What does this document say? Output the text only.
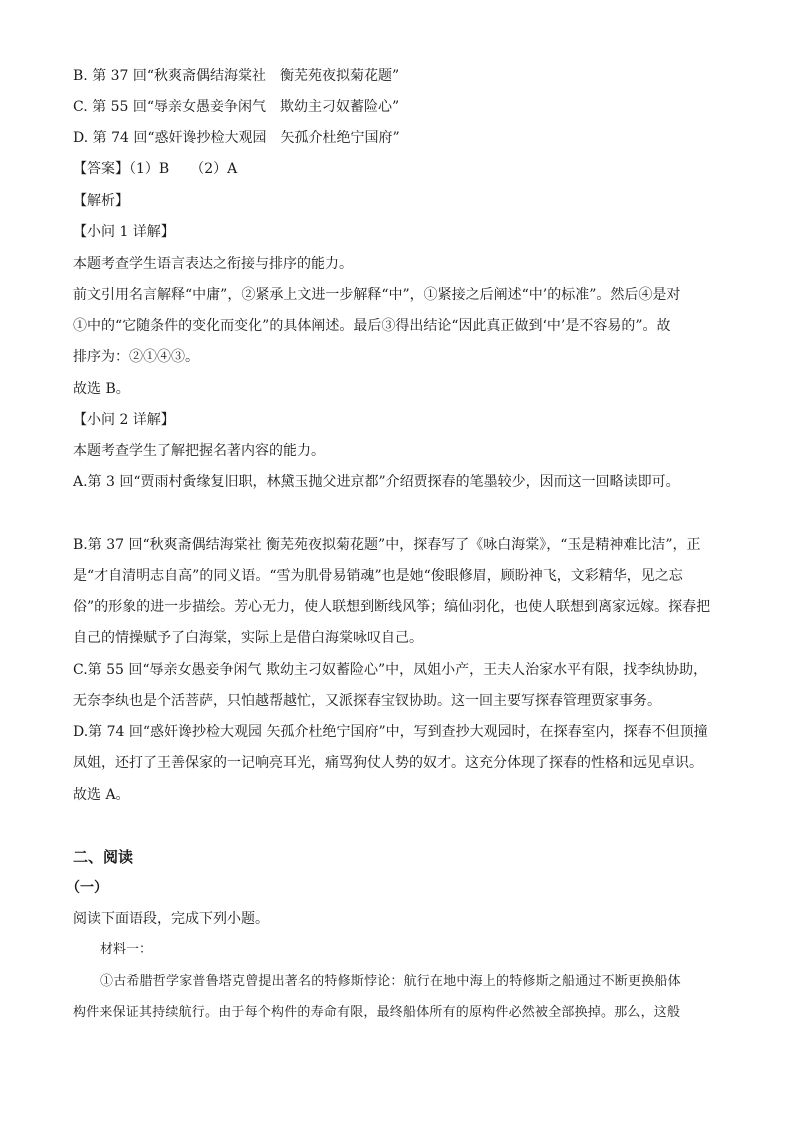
B. 第 37 回“秋爽斋偶结海棠社　衡芜苑夜拟菊花题”
C. 第 55 回“辱亲女愚妾争闲气　欺幼主刁奴蓄险心”
D. 第 74 回“惑奸谗抄检大观园　矢孤介杜绝宁国府”
【答案】（1）B　　（2）A
【解析】
【小问 1 详解】
本题考查学生语言表达之衔接与排序的能力。
前文引用名言解释“中庸”，②紧承上文进一步解释“中”，①紧接之后阐述“中’的标准”。然后④是对
①中的“它随条件的变化而变化”的具体阐述。最后③得出结论“因此真正做到‘中’是不容易的”。故
排序为：②①④③。
故选 B。
【小问 2 详解】
本题考查学生了解把握名著内容的能力。
A.第 3 回“贾雨村夤缘复旧职，林黛玉抛父进京都”介绍贾探春的笔墨较少，因而这一回略读即可。
B.第 37 回“秋爽斋偶结海棠社 衡芜苑夜拟菊花题”中，探春写了《咏白海棠》，“玉是精神难比洁”，正
是“才自清明志自高”的同义语。“雪为肌骨易销魂”也是她“俊眼修眉，顾盼神飞，文彩精华，见之忘
俗”的形象的进一步描绘。芳心无力，使人联想到断线风筝；缟仙羽化，也使人联想到离家远嫁。探春把
自己的情操赋予了白海棠，实际上是借白海棠咏叹自己。
C.第 55 回“辱亲女愚妾争闲气 欺幼主刁奴蓄险心”中，凤姐小产，王夫人治家水平有限，找李纨协助，
无奈李纨也是个活菩萨，只怕越帮越忙，又派探春宝钗协助。这一回主要写探春管理贾家事务。
D.第 74 回“惑奸谗抄检大观园 矢孤介杜绝宁国府”中，写到查抄大观园时，在探春室内，探春不但顶撞
凤姐，还打了王善保家的一记响亮耳光，痛骂狗仗人势的奴才。这充分体现了探春的性格和远见卓识。
故选 A。
二、阅读
（一）
阅读下面语段，完成下列小题。
材料一：
①古希腊哲学家普鲁塔克曾提出著名的特修斯悖论：航行在地中海上的特修斯之船通过不断更换船体
构件来保证其持续航行。由于每个构件的寿命有限，最终船体所有的原构件必然被全部换掉。那么，这般
